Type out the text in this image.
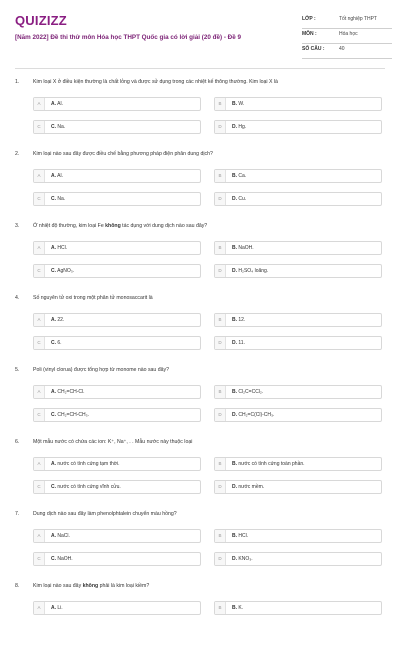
QUIZIZZ
[Năm 2022] Đề thi thử môn Hóa học THPT Quốc gia có lời giải (20 đề) - Đề 9
LỚP :	Tốt nghiệp THPT
MÔN :	Hóa học
SỐ CÂU :	40
1.	Kim loại X ở điều kiện thường là chất lỏng và được sử dụng trong các nhiệt kế thông thường. Kim loại X là
A	A. Al.	B	B. W.
C	C. Na.	D	D. Hg.
2.	Kim loại nào sau đây được điều chế bằng phương pháp điện phân dung dịch?
A	A. Al.	B	B. Ca.
C	C. Na.	D	D. Cu.
3.	Ở nhiệt độ thường, kim loại Fe không tác dụng với dung dịch nào sau đây?
A	A. HCl.	B	B. NaOH.
C	C. AgNO₃.	D	D. H₂SO₄ loãng.
4.	Số nguyên tử oxi trong một phân tử monosaccarit là
A	A. 22.	B	B. 12.
C	C. 6.	D	D. 11.
5.	Poli (vinyl clorua) được tổng hợp từ monome nào sau đây?
A	A. CH₂=CH-Cl.	B	B. Cl₂C=CCl₂.
C	C. CH₂=CH-CH₃.	D	D. CH₂=C(Cl)-CH₃.
6.	Một mẫu nước có chứa các ion: K⁺, Na⁺, . . Mẫu nước này thuộc loại
A	A. nước có tính cứng tạm thời.	B	B. nước có tính cứng toàn phần.
C	C. nước có tính cứng vĩnh cửu.	D	D. nước mềm.
7.	Dung dịch nào sau đây làm phenolphtalein chuyển màu hồng?
A	A. NaCl.	B	B. HCl.
C	C. NaOH.	D	D. KNO₃.
8.	Kim loại nào sau đây không phải là kim loại kiềm?
A	A. Li.	B	B. K.
